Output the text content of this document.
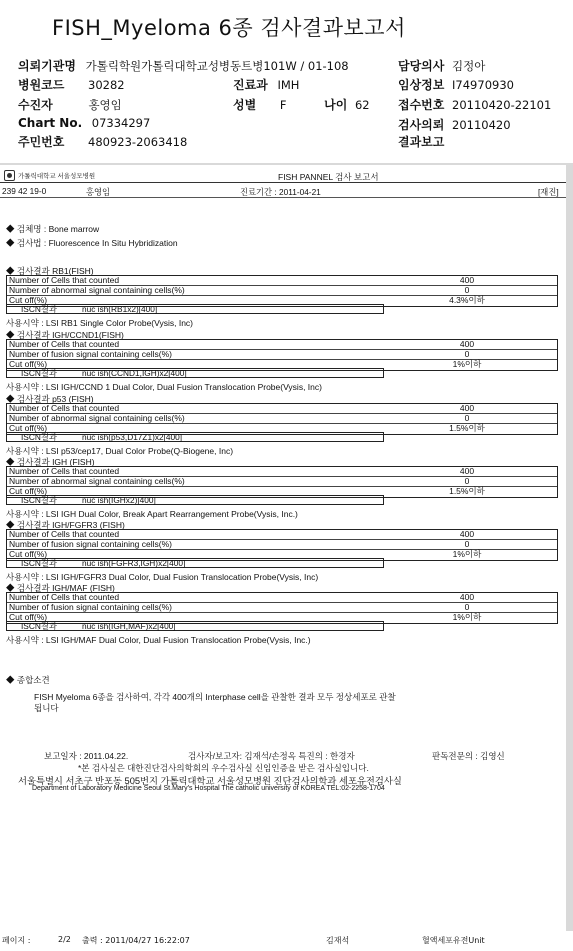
FISH_Myeloma 6종 검사결과보고서
의뢰기관명 가톨릭학원가톨릭대학교성병동트병101W / 01-108	담당의사 김정아
병원코드 30282	진료과 IMH	임상정보 I74970930
수진자	홍영임	성별 F	나이 62 접수번호 20110420-22101
Chart No. 07334297	검사의뢰 20110420
주민번호 480923-2063418	결과보고
가톨릭대학교 서울성모병원	FISH PANNEL 검사 보고서
239 42 19-0	홍영임	진료기간 : 2011-04-21	[재진]
◆ 검체명 : Bone marrow
◆ 검사법 : Fluorescence In Situ Hybridization
◆ 검사결과 RB1(FISH)
Number of Cells that counted	400
Number of abnormal signal containing cells(%)	0
Cut off(%)	4.3%이하
ISCN결과	nuc ish(RB1x2)[400]
사용시약 : LSI RB1 Single Color Probe(Vysis, Inc)
◆ 검사결과 IGH/CCND1(FISH)
Number of Cells that counted	400
Number of fusion signal containing cells(%)	0
Cut off(%)	1%이하
ISCN결과	nuc ish(CCND1,IGH)x2[400]
사용시약 : LSI IGH/CCND 1 Dual Color, Dual Fusion Translocation Probe(Vysis, Inc)
◆ 검사결과 p53 (FISH)
Number of Cells that counted	400
Number of abnormal signal containing cells(%)	0
Cut off(%)	1.5%이하
ISCN결과	nuc ish(p53,D17Z1)x2[400]
사용시약 : LSI p53/cep17, Dual Color Probe(Q-Biogene, Inc)
◆ 검사결과 IGH (FISH)
Number of Cells that counted	400
Number of abnormal signal containing cells(%)	0
Cut off(%)	1.5%이하
ISCN결과	nuc ish(IGHx2)[400]
사용시약 : LSI IGH Dual Color, Break Apart Rearrangement Probe(Vysis, Inc.)
◆ 검사결과 IGH/FGFR3 (FISH)
Number of Cells that counted	400
Number of fusion signal containing cells(%)	0
Cut off(%)	1%이하
ISCN결과	nuc ish(FGFR3,IGH)x2[400]
사용시약 : LSI IGH/FGFR3 Dual Color, Dual Fusion Translocation Probe(Vysis, Inc)
◆ 검사결과 IGH/MAF (FISH)
Number of Cells that counted	400
Number of fusion signal containing cells(%)	0
Cut off(%)	1%이하
ISCN결과	nuc ish(IGH,MAF)x2[400]
사용시약 : LSI IGH/MAF Dual Color, Dual Fusion Translocation Probe(Vysis, Inc.)
◆ 종합소견
FISH Myeloma 6종을 검사하여, 각각 400개의 Interphase cell을 관찰한 결과 모두 정상세포로 관찰
됩니다
보고일자 : 2011.04.22.	검사자/보고자: 김재석/손정옥 특진의 : 한경자	판독전문의 : 김영신
*본 검사실은 대한진단검사의학회의 우수검사실 신임인증을 받은 검사실입니다.
서울특별시 서초구 반포동 505번지 가톨릭대학교 서울성모병원 진단검사의학과 세포유전검사실
Department of Laboratory Medicine Seoul St.Mary's Hospital The catholic university of KOREA TEL:02-2258-1704
페이지 :	2/2 출력 : 2011/04/27 16:22:07	김재석	혈액세포유전Unit
